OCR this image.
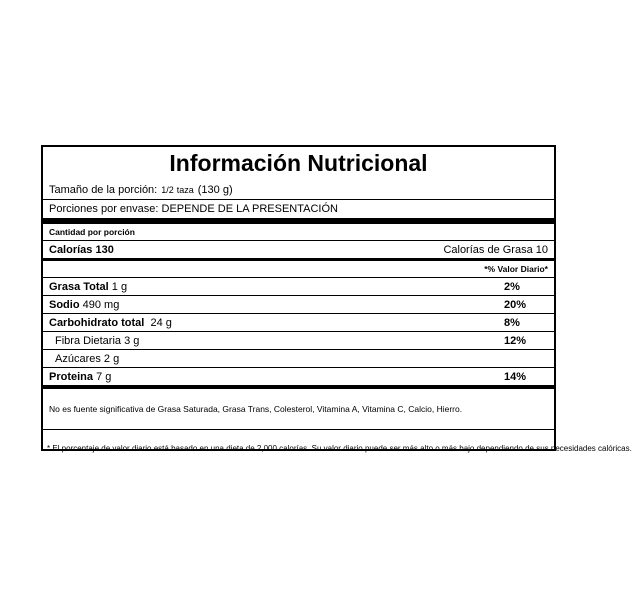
Información Nutricional
Tamaño de la porción: 1/2 taza (130 g)
Porciones por envase: DEPENDE DE LA PRESENTACIÓN
Cantidad por porción
Calorías 130	Calorías de Grasa 10
*% Valor Diario*
Grasa Total 1 g	2%
Sodio 490 mg	20%
Carbohidrato total 24 g	8%
Fibra Dietaria 3 g	12%
Azúcares 2 g
Proteina 7 g	14%
No es fuente significativa de Grasa Saturada, Grasa Trans, Colesterol, Vitamina A, Vitamina C, Calcio, Hierro.
* El porcentaje de valor diario está basado en una dieta de 2,000 calorías. Su valor diario puede ser más alto o más bajo dependiendo de sus necesidades calóricas.
